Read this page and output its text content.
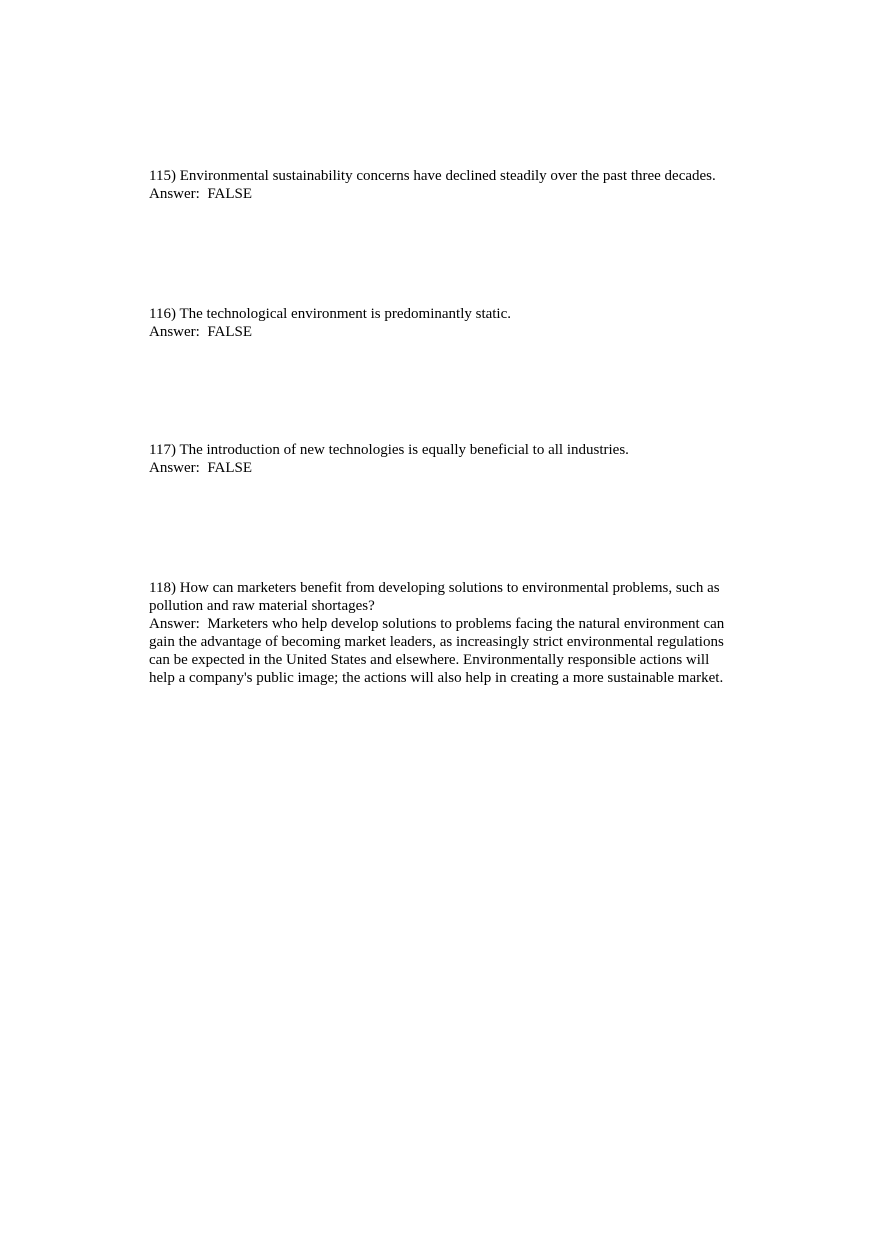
115) Environmental sustainability concerns have declined steadily over the past three decades.

Answer: FALSE

116) The technological environment is predominantly static.

Answer: FALSE

117) The introduction of new technologies is equally beneficial to all industries.

Answer: FALSE

118) How can marketers benefit from developing solutions to environmental problems, such as
pollution and raw material shortages?

Answer: Marketers who help develop solutions to problems facing the natural environment can
gain the advantage of becoming market leaders, as increasingly strict environmental regulations
can be expected in the United States and elsewhere. Environmentally responsible actions will
help a company's public image; the actions will also help in creating a more sustainable market.
